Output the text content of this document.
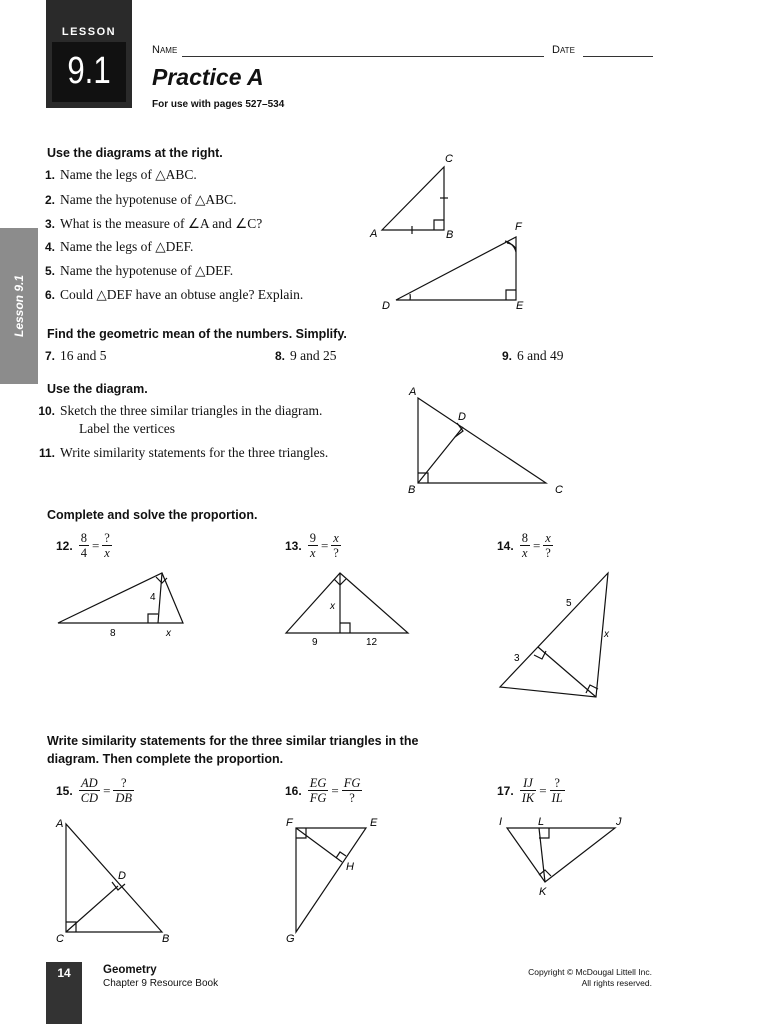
LESSON
9.1
Lesson 9.1
Name	Date
Practice A
For use with pages 527–534
Use the diagrams at the right.
1. Name the legs of △ABC.
2. Name the hypotenuse of △ABC.
3. What is the measure of ∠A and ∠C?
4. Name the legs of △DEF.
5. Name the hypotenuse of △DEF.
6. Could △DEF have an obtuse angle? Explain.
C
A	B
F
D	E
Find the geometric mean of the numbers. Simplify.
7. 16 and 5	8. 9 and 25	9. 6 and 49
Use the diagram.
10. Sketch the three similar triangles in the diagram.
Label the vertices
11. Write similarity statements for the three triangles.
A
D
B	C
Complete and solve the proportion.
12. $\frac{8}{4} = \frac{?}{x}$	13. $\frac{9}{x} = \frac{x}{?}$	14. $\frac{8}{x} = \frac{x}{?}$
4
8	x
x
9	12
5
x
3
Write similarity statements for the three similar triangles in the
diagram. Then complete the proportion.
15. $\frac{AD}{CD} = \frac{?}{DB}$	16. $\frac{EG}{FG} = \frac{FG}{?}$	17. $\frac{IJ}{IK} = \frac{?}{IL}$
A
D
C	B
F	E
H
G
I	L	J
K
14	Geometry
Chapter 9 Resource Book
Copyright © McDougal Littell Inc.
All rights reserved.
